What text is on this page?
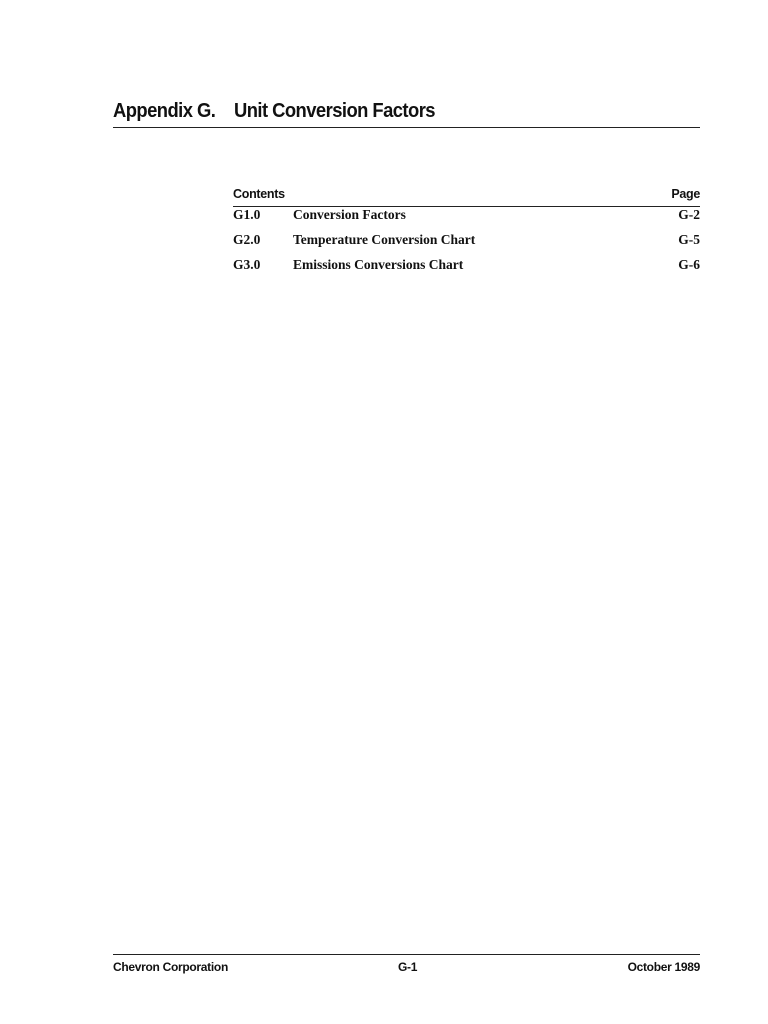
Appendix G. Unit Conversion Factors
Contents	Page
G1.0 Conversion Factors	G-2
G2.0 Temperature Conversion Chart	G-5
G3.0 Emissions Conversions Chart	G-6
Chevron Corporation	G-1	October 1989
